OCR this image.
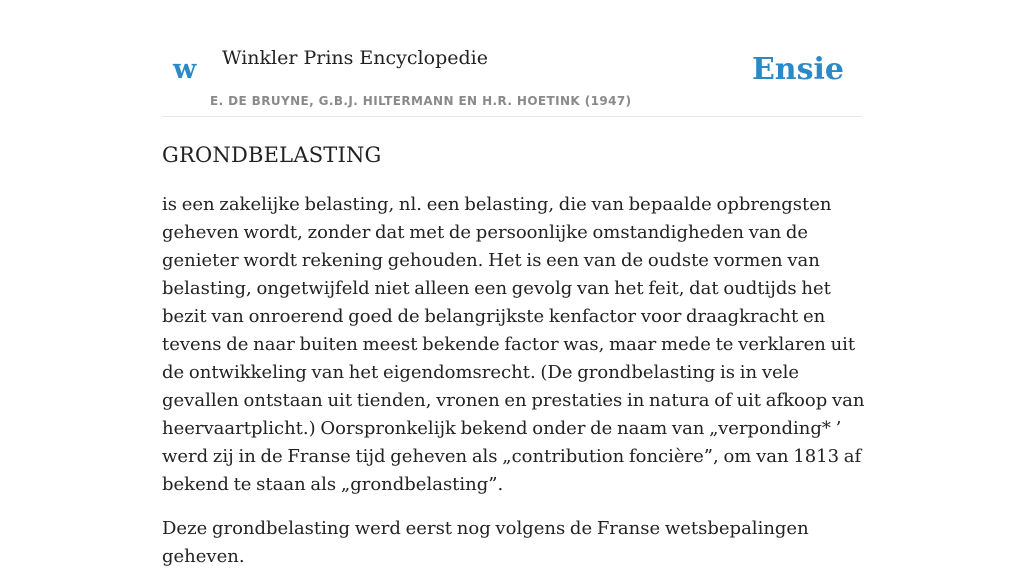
w Winkler Prins Encyclopedie
E. DE BRUYNE, G.B.J. HILTERMANN EN H.R. HOETINK (1947)
Ensie
GRONDBELASTING

is een zakelijke belasting, nl. een belasting, die van bepaalde opbrengsten geheven wordt, zonder dat met de persoonlijke omstandigheden van de genieter wordt rekening gehouden. Het is een van de oudste vormen van belasting, ongetwijfeld niet alleen een gevolg van het feit, dat oudtijds het bezit van onroerend goed de belangrijkste kenfactor voor draagkracht en tevens de naar buiten meest bekende factor was, maar mede te verklaren uit de ontwikkeling van het eigendomsrecht. (De grondbelasting is in vele gevallen ontstaan uit tienden, vronen en prestaties in natura of uit afkoop van heervaartplicht.) Oorspronkelijk bekend onder de naam van „verponding* ’ werd zij in de Franse tijd geheven als „contribution foncière”, om van 1813 af bekend te staan als „grondbelasting”.

Deze grondbelasting werd eerst nog volgens de Franse wetsbepalingen geheven.
